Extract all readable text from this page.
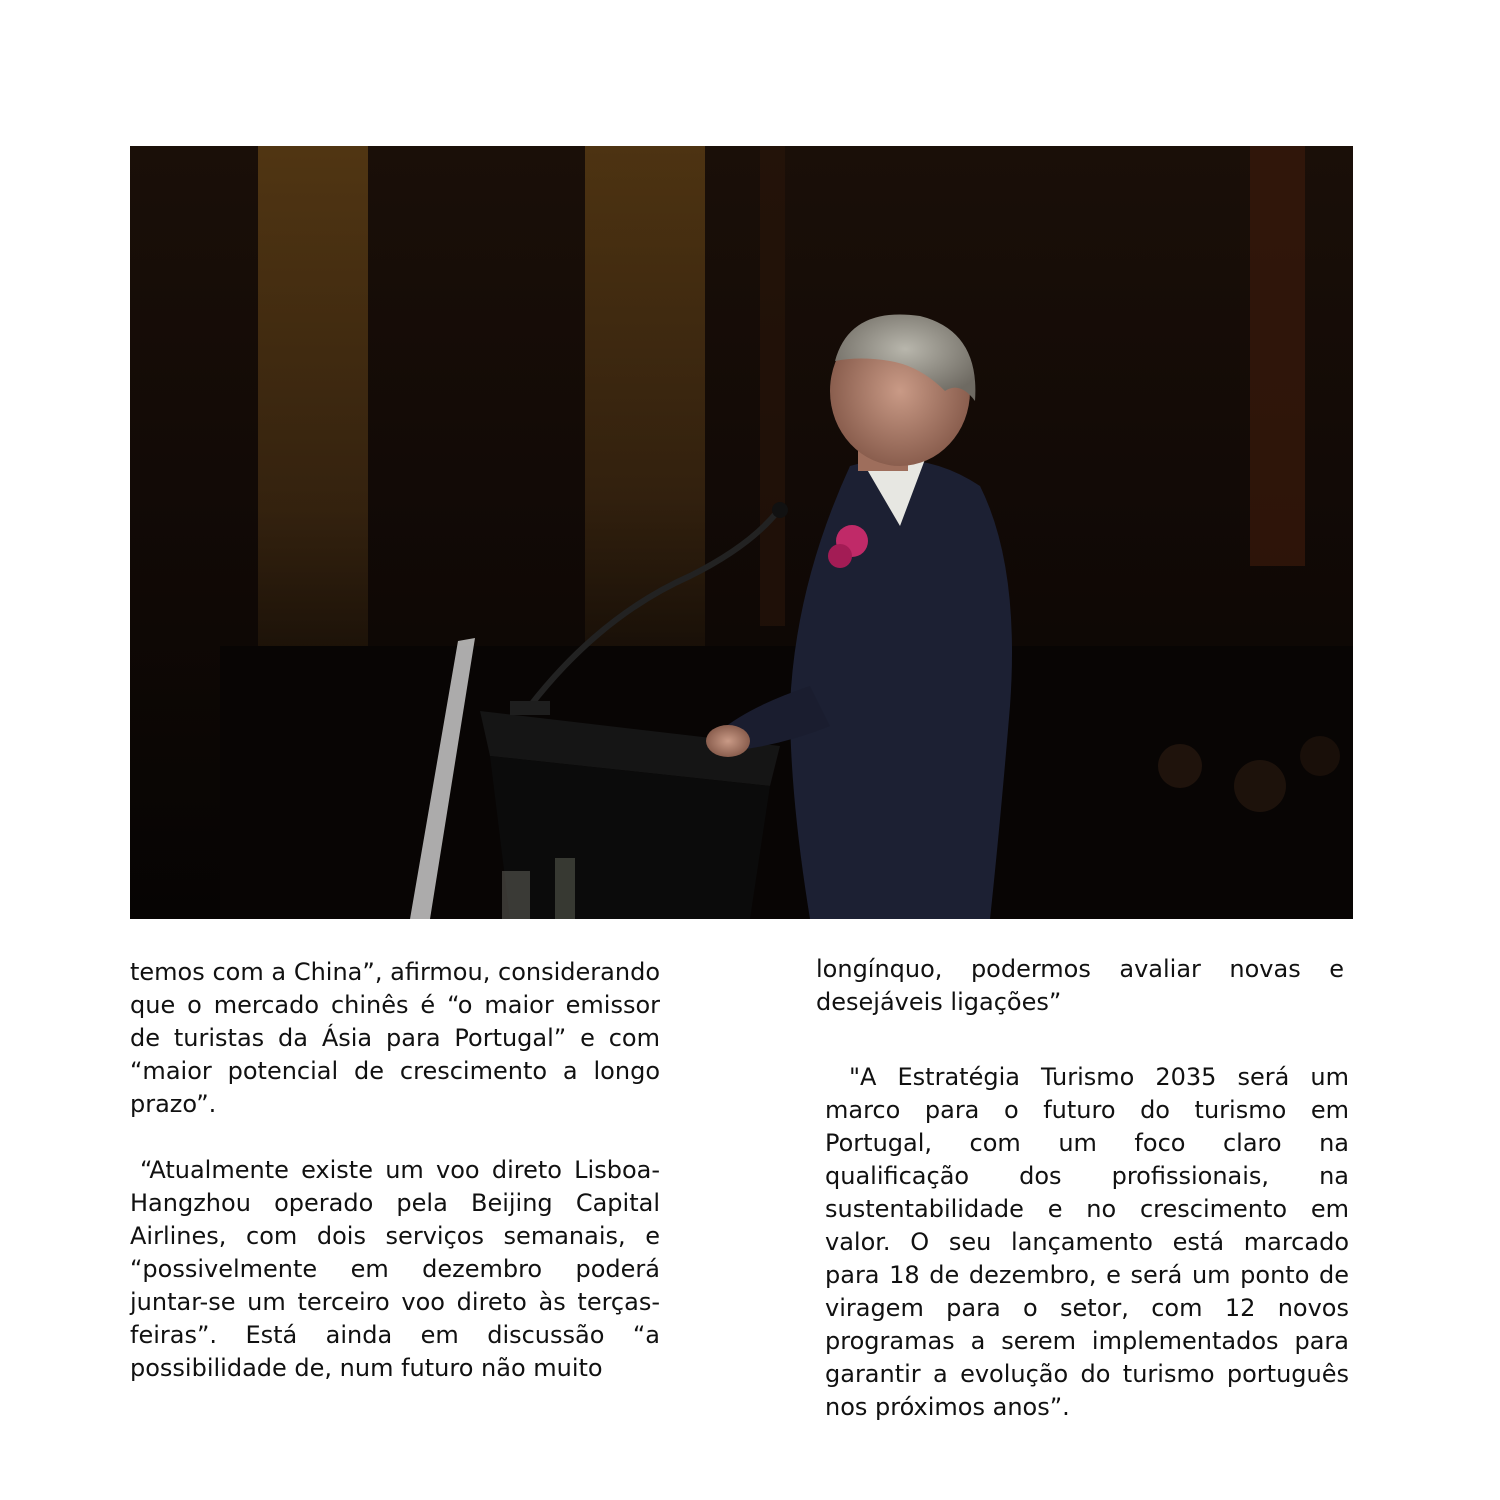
temos com a China”, afirmou, considerando que o mercado chinês é “o maior emissor de turistas da Ásia para Portugal” e com “maior potencial de crescimento a longo prazo”.

“Atualmente existe um voo direto Lisboa-Hangzhou operado pela Beijing Capital Airlines, com dois serviços semanais, e “possivelmente em dezembro poderá juntar-se um terceiro voo direto às terças-feiras”. Está ainda em discussão “a possibilidade de, num futuro não muito

longínquo, podermos avaliar novas e desejáveis ligações”

"A Estratégia Turismo 2035 será um marco para o futuro do turismo em Portugal, com um foco claro na qualificação dos profissionais, na sustentabilidade e no crescimento em valor. O seu lançamento está marcado para 18 de dezembro, e será um ponto de viragem para o setor, com 12 novos programas a serem implementados para garantir a evolução do turismo português nos próximos anos”.
